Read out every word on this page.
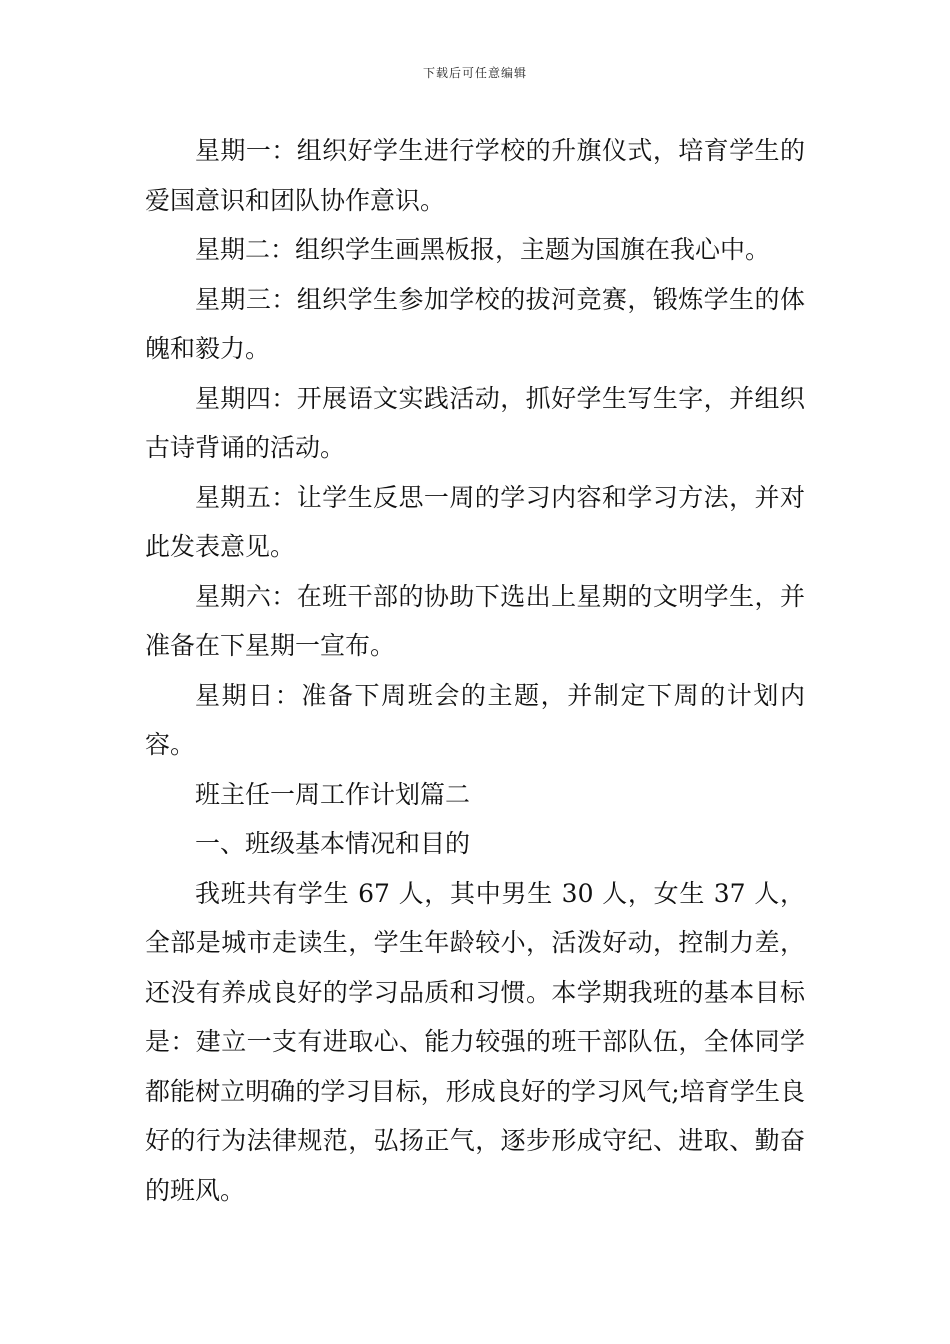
下载后可任意编辑

星期一：组织好学生进行学校的升旗仪式，培育学生的爱国意识和团队协作意识。

星期二：组织学生画黑板报，主题为国旗在我心中。

星期三：组织学生参加学校的拔河竞赛，锻炼学生的体魄和毅力。

星期四：开展语文实践活动，抓好学生写生字，并组织古诗背诵的活动。

星期五：让学生反思一周的学习内容和学习方法，并对此发表意见。

星期六：在班干部的协助下选出上星期的文明学生，并准备在下星期一宣布。

星期日：准备下周班会的主题，并制定下周的计划内容。

班主任一周工作计划篇二

一、班级基本情况和目的

我班共有学生 67 人，其中男生 30 人，女生 37 人，全部是城市走读生，学生年龄较小，活泼好动，控制力差，还没有养成良好的学习品质和习惯。本学期我班的基本目标是：建立一支有进取心、能力较强的班干部队伍，全体同学都能树立明确的学习目标，形成良好的学习风气;培育学生良好的行为法律规范，弘扬正气，逐步形成守纪、进取、勤奋的班风。
